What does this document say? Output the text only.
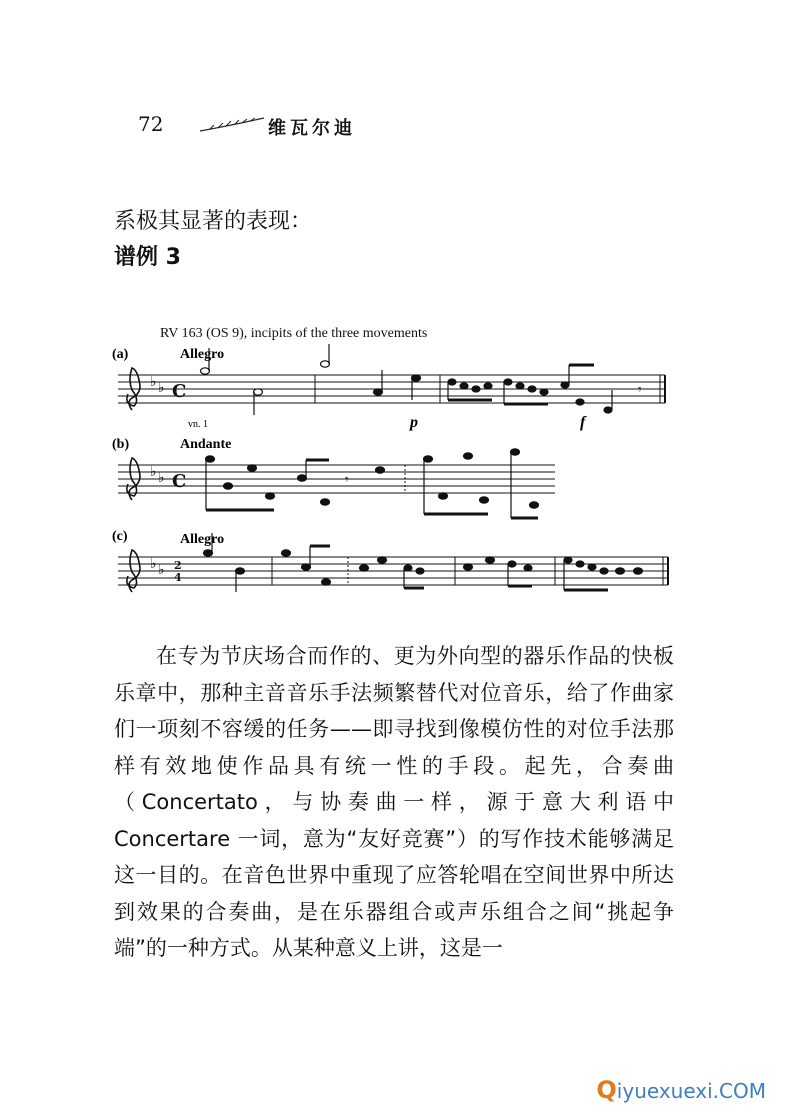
72	维瓦尔迪
系极其显著的表现：
谱例 3
RV 163 (OS 9), incipits of the three movements
(a)	Allegro
(b)	Andante
(c)	Allegro
vn. 1	p	f
♭ ♭
♭ ♭
♭ ♭
C
C
2
4
𝄾
𝄾

在专为节庆场合而作的、更为外向型的器乐作品的快板乐章中，那种主音音乐手法频繁替代对位音乐，给了作曲家们一项刻不容缓的任务——即寻找到像模仿性的对位手法那样有效地使作品具有统一性的手段。起先，合奏曲（Concertato，与协奏曲一样，源于意大利语中 Concertare 一词，意为“友好竞赛”）的写作技术能够满足这一目的。在音色世界中重现了应答轮唱在空间世界中所达到效果的合奏曲，是在乐器组合或声乐组合之间“挑起争端”的一种方式。从某种意义上讲，这是一

Qiyuexuexi.COM
